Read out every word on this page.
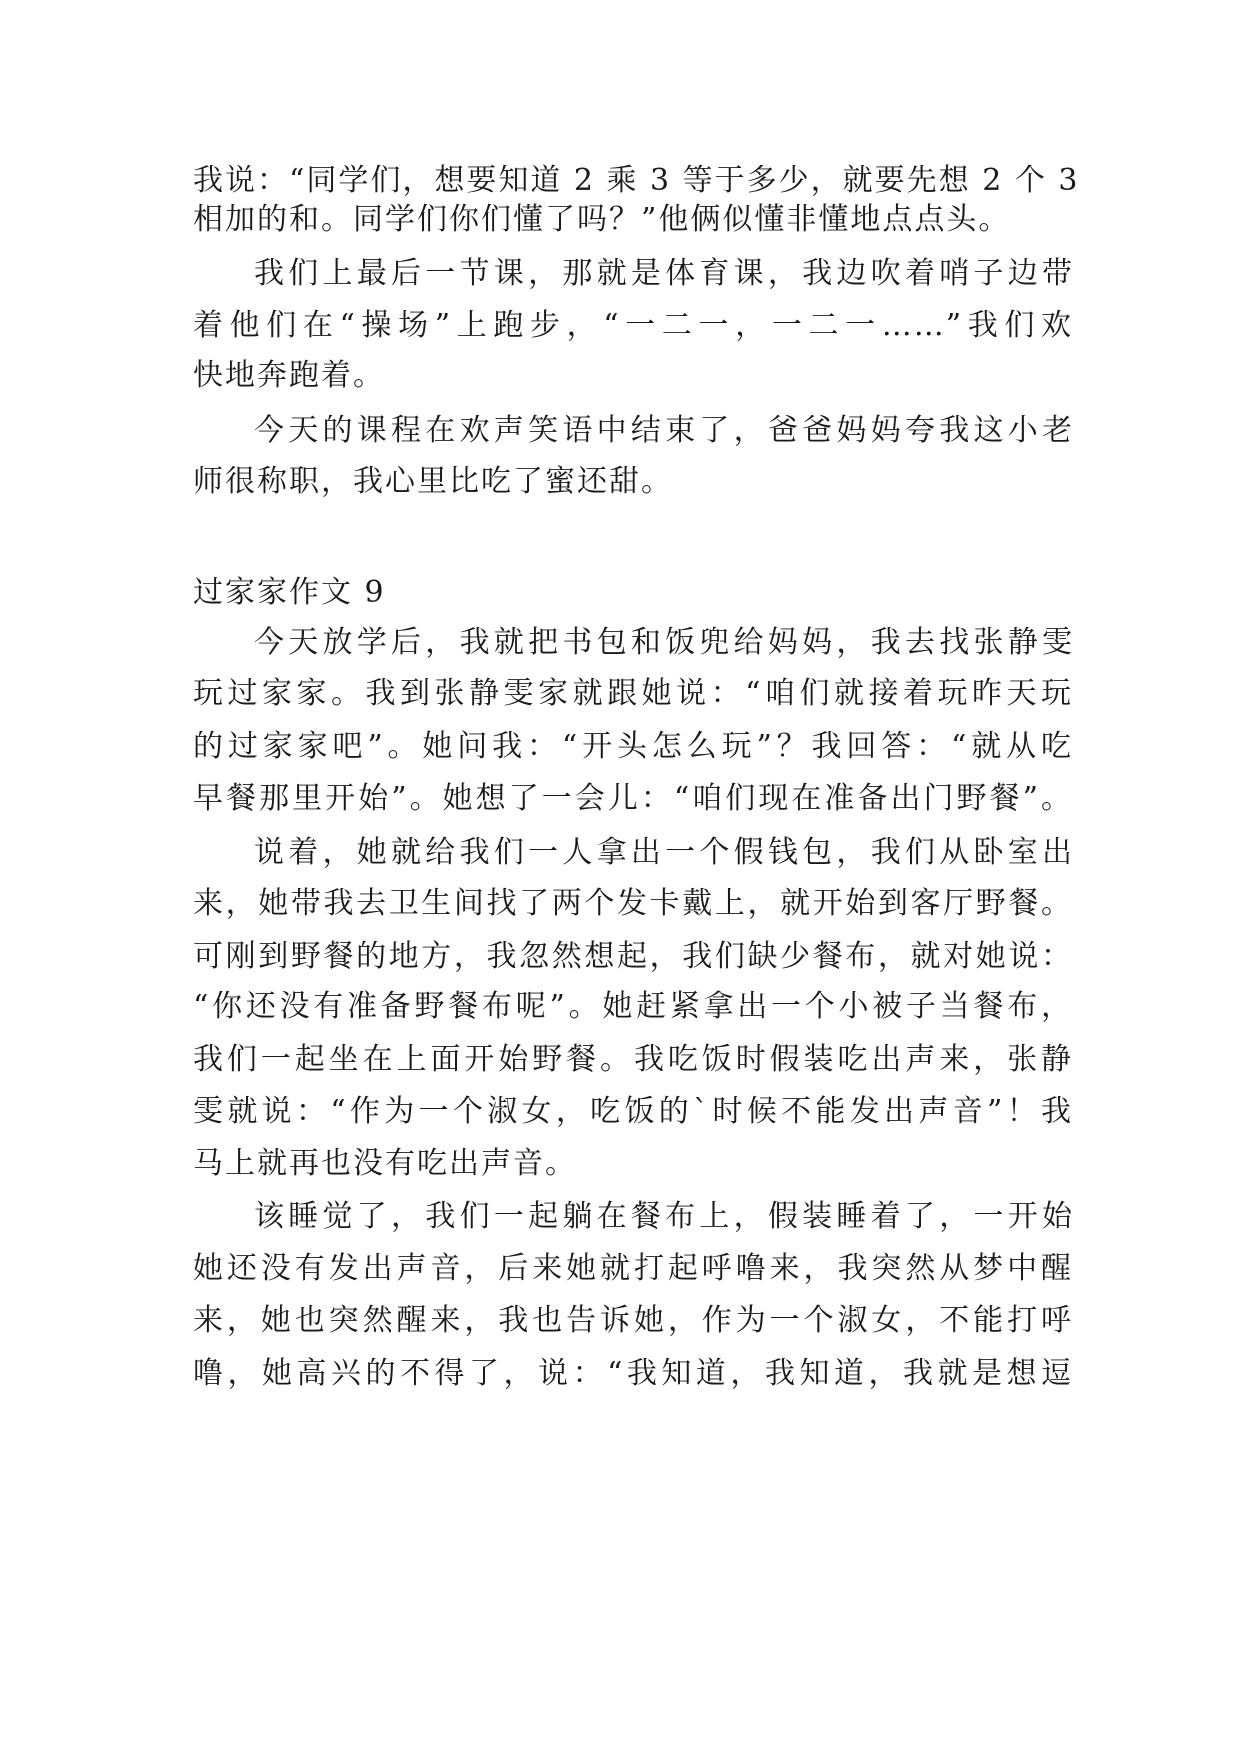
我说：“同学们，想要知道 2 乘 3 等于多少，就要先想 2 个 3
相加的和。同学们你们懂了吗？”他俩似懂非懂地点点头。
我们上最后一节课，那就是体育课，我边吹着哨子边带
着他们在“操场”上跑步，“一二一，一二一……”我们欢
快地奔跑着。
今天的课程在欢声笑语中结束了，爸爸妈妈夸我这小老
师很称职，我心里比吃了蜜还甜。
过家家作文 9
今天放学后，我就把书包和饭兜给妈妈，我去找张静雯
玩过家家。我到张静雯家就跟她说：“咱们就接着玩昨天玩
的过家家吧”。她问我：“开头怎么玩”？我回答：“就从吃
早餐那里开始”。她想了一会儿：“咱们现在准备出门野餐”。
说着，她就给我们一人拿出一个假钱包，我们从卧室出
来，她带我去卫生间找了两个发卡戴上，就开始到客厅野餐。
可刚到野餐的地方，我忽然想起，我们缺少餐布，就对她说：
“你还没有准备野餐布呢”。她赶紧拿出一个小被子当餐布，
我们一起坐在上面开始野餐。我吃饭时假装吃出声来，张静
雯就说：“作为一个淑女，吃饭的`时候不能发出声音”！我
马上就再也没有吃出声音。
该睡觉了，我们一起躺在餐布上，假装睡着了，一开始
她还没有发出声音，后来她就打起呼噜来，我突然从梦中醒
来，她也突然醒来，我也告诉她，作为一个淑女，不能打呼
噜，她高兴的不得了，说：“我知道，我知道，我就是想逗
